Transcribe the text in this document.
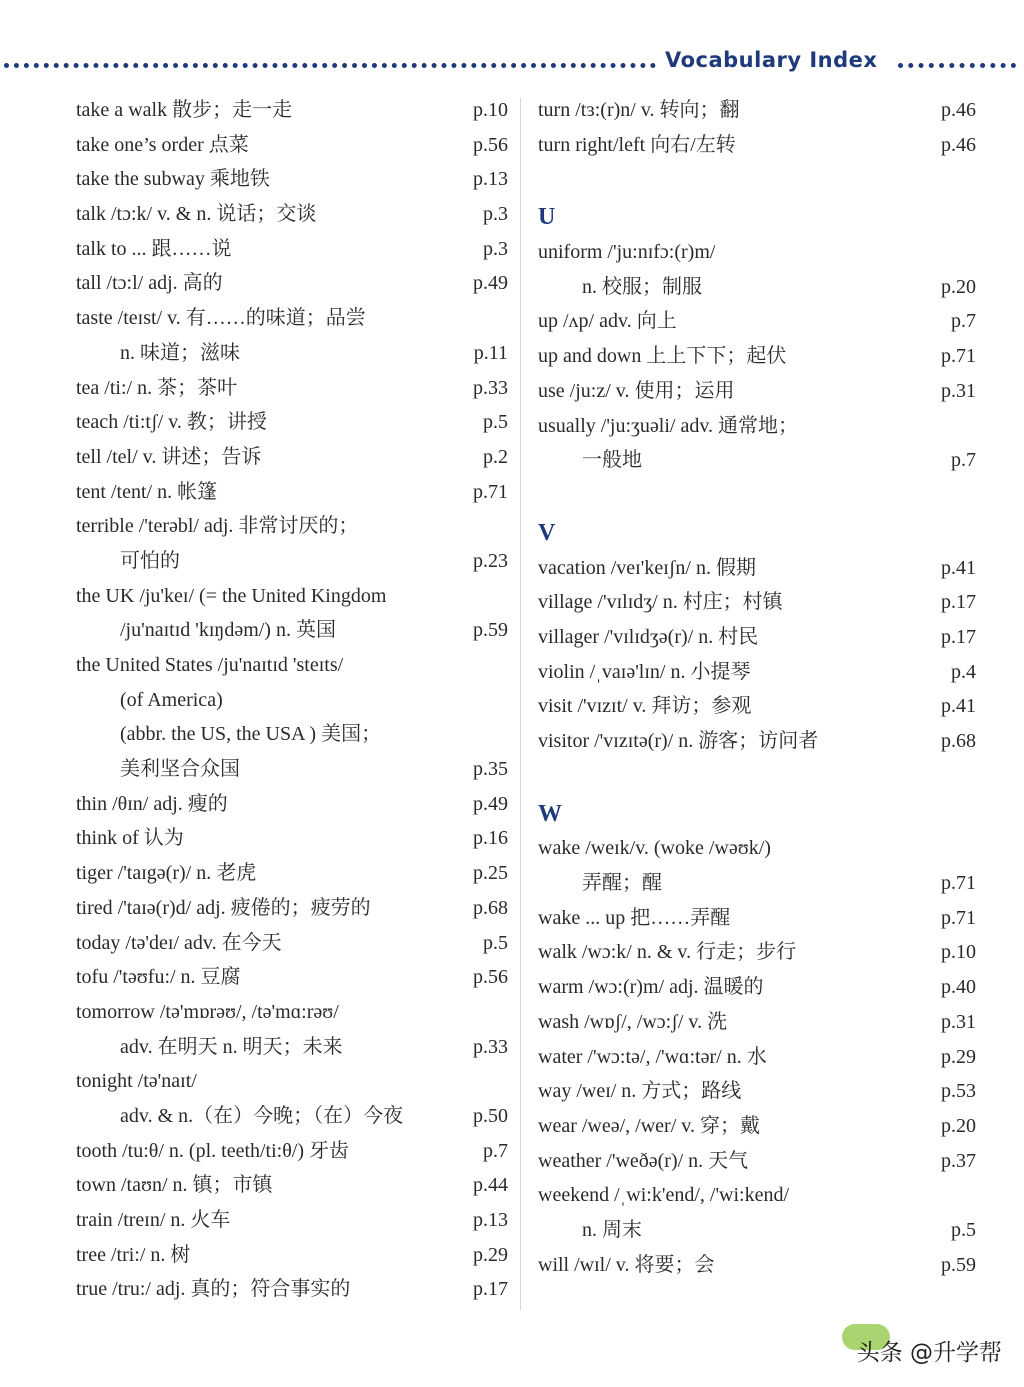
Vocabulary Index
take a walk 散步；走一走	p.10
take one’s order 点菜	p.56
take the subway 乘地铁	p.13
talk /tɔ:k/ v. & n. 说话；交谈	p.3
talk to ... 跟……说	p.3
tall /tɔ:l/ adj. 高的	p.49
taste /teɪst/ v. 有……的味道；品尝
n. 味道；滋味	p.11
tea /ti:/ n. 茶；茶叶	p.33
teach /ti:tʃ/ v. 教；讲授	p.5
tell /tel/ v. 讲述；告诉	p.2
tent /tent/ n. 帐篷	p.71
terrible /'terəbl/ adj. 非常讨厌的；
可怕的	p.23
the UK /ju'keɪ/ (= the United Kingdom
/ju'naɪtɪd 'kɪŋdəm/) n. 英国	p.59
the United States /ju'naɪtɪd 'steɪts/
(of America)
(abbr. the US, the USA ) 美国；
美利坚合众国	p.35
thin /θɪn/ adj. 瘦的	p.49
think of 认为	p.16
tiger /'taɪgə(r)/ n. 老虎	p.25
tired /'taɪə(r)d/ adj. 疲倦的；疲劳的	p.68
today /tə'deɪ/ adv. 在今天	p.5
tofu /'təʊfu:/ n. 豆腐	p.56
tomorrow /tə'mɒrəʊ/, /tə'mɑ:rəʊ/
adv. 在明天 n. 明天；未来	p.33
tonight /tə'naɪt/
adv. & n.（在）今晚；（在）今夜	p.50
tooth /tu:θ/ n. (pl. teeth/ti:θ/) 牙齿	p.7
town /taʊn/ n. 镇；市镇	p.44
train /treɪn/ n. 火车	p.13
tree /tri:/ n. 树	p.29
true /tru:/ adj. 真的；符合事实的	p.17
turn /tɜ:(r)n/ v. 转向；翻	p.46
turn right/left 向右/左转	p.46
U
uniform /'ju:nɪfɔ:(r)m/
n. 校服；制服	p.20
up /ʌp/ adv. 向上	p.7
up and down 上上下下；起伏	p.71
use /ju:z/ v. 使用；运用	p.31
usually /'ju:ʒuəli/ adv. 通常地；
一般地	p.7
V
vacation /veɪ'keɪʃn/ n. 假期	p.41
village /'vɪlɪdʒ/ n. 村庄；村镇	p.17
villager /'vɪlɪdʒə(r)/ n. 村民	p.17
violin /ˌvaɪə'lɪn/ n. 小提琴	p.4
visit /'vɪzɪt/ v. 拜访；参观	p.41
visitor /'vɪzɪtə(r)/ n. 游客；访问者	p.68
W
wake /weɪk/v. (woke /wəʊk/)
弄醒；醒	p.71
wake ... up 把……弄醒	p.71
walk /wɔ:k/ n. & v. 行走；步行	p.10
warm /wɔ:(r)m/ adj. 温暖的	p.40
wash /wɒʃ/, /wɔ:ʃ/ v. 洗	p.31
water /'wɔ:tə/, /'wɑ:tər/ n. 水	p.29
way /weɪ/ n. 方式；路线	p.53
wear /weə/, /wer/ v. 穿；戴	p.20
weather /'weðə(r)/ n. 天气	p.37
weekend /ˌwi:k'end/, /'wi:kend/
n. 周末	p.5
will /wɪl/ v. 将要；会	p.59
头条 @升学帮
